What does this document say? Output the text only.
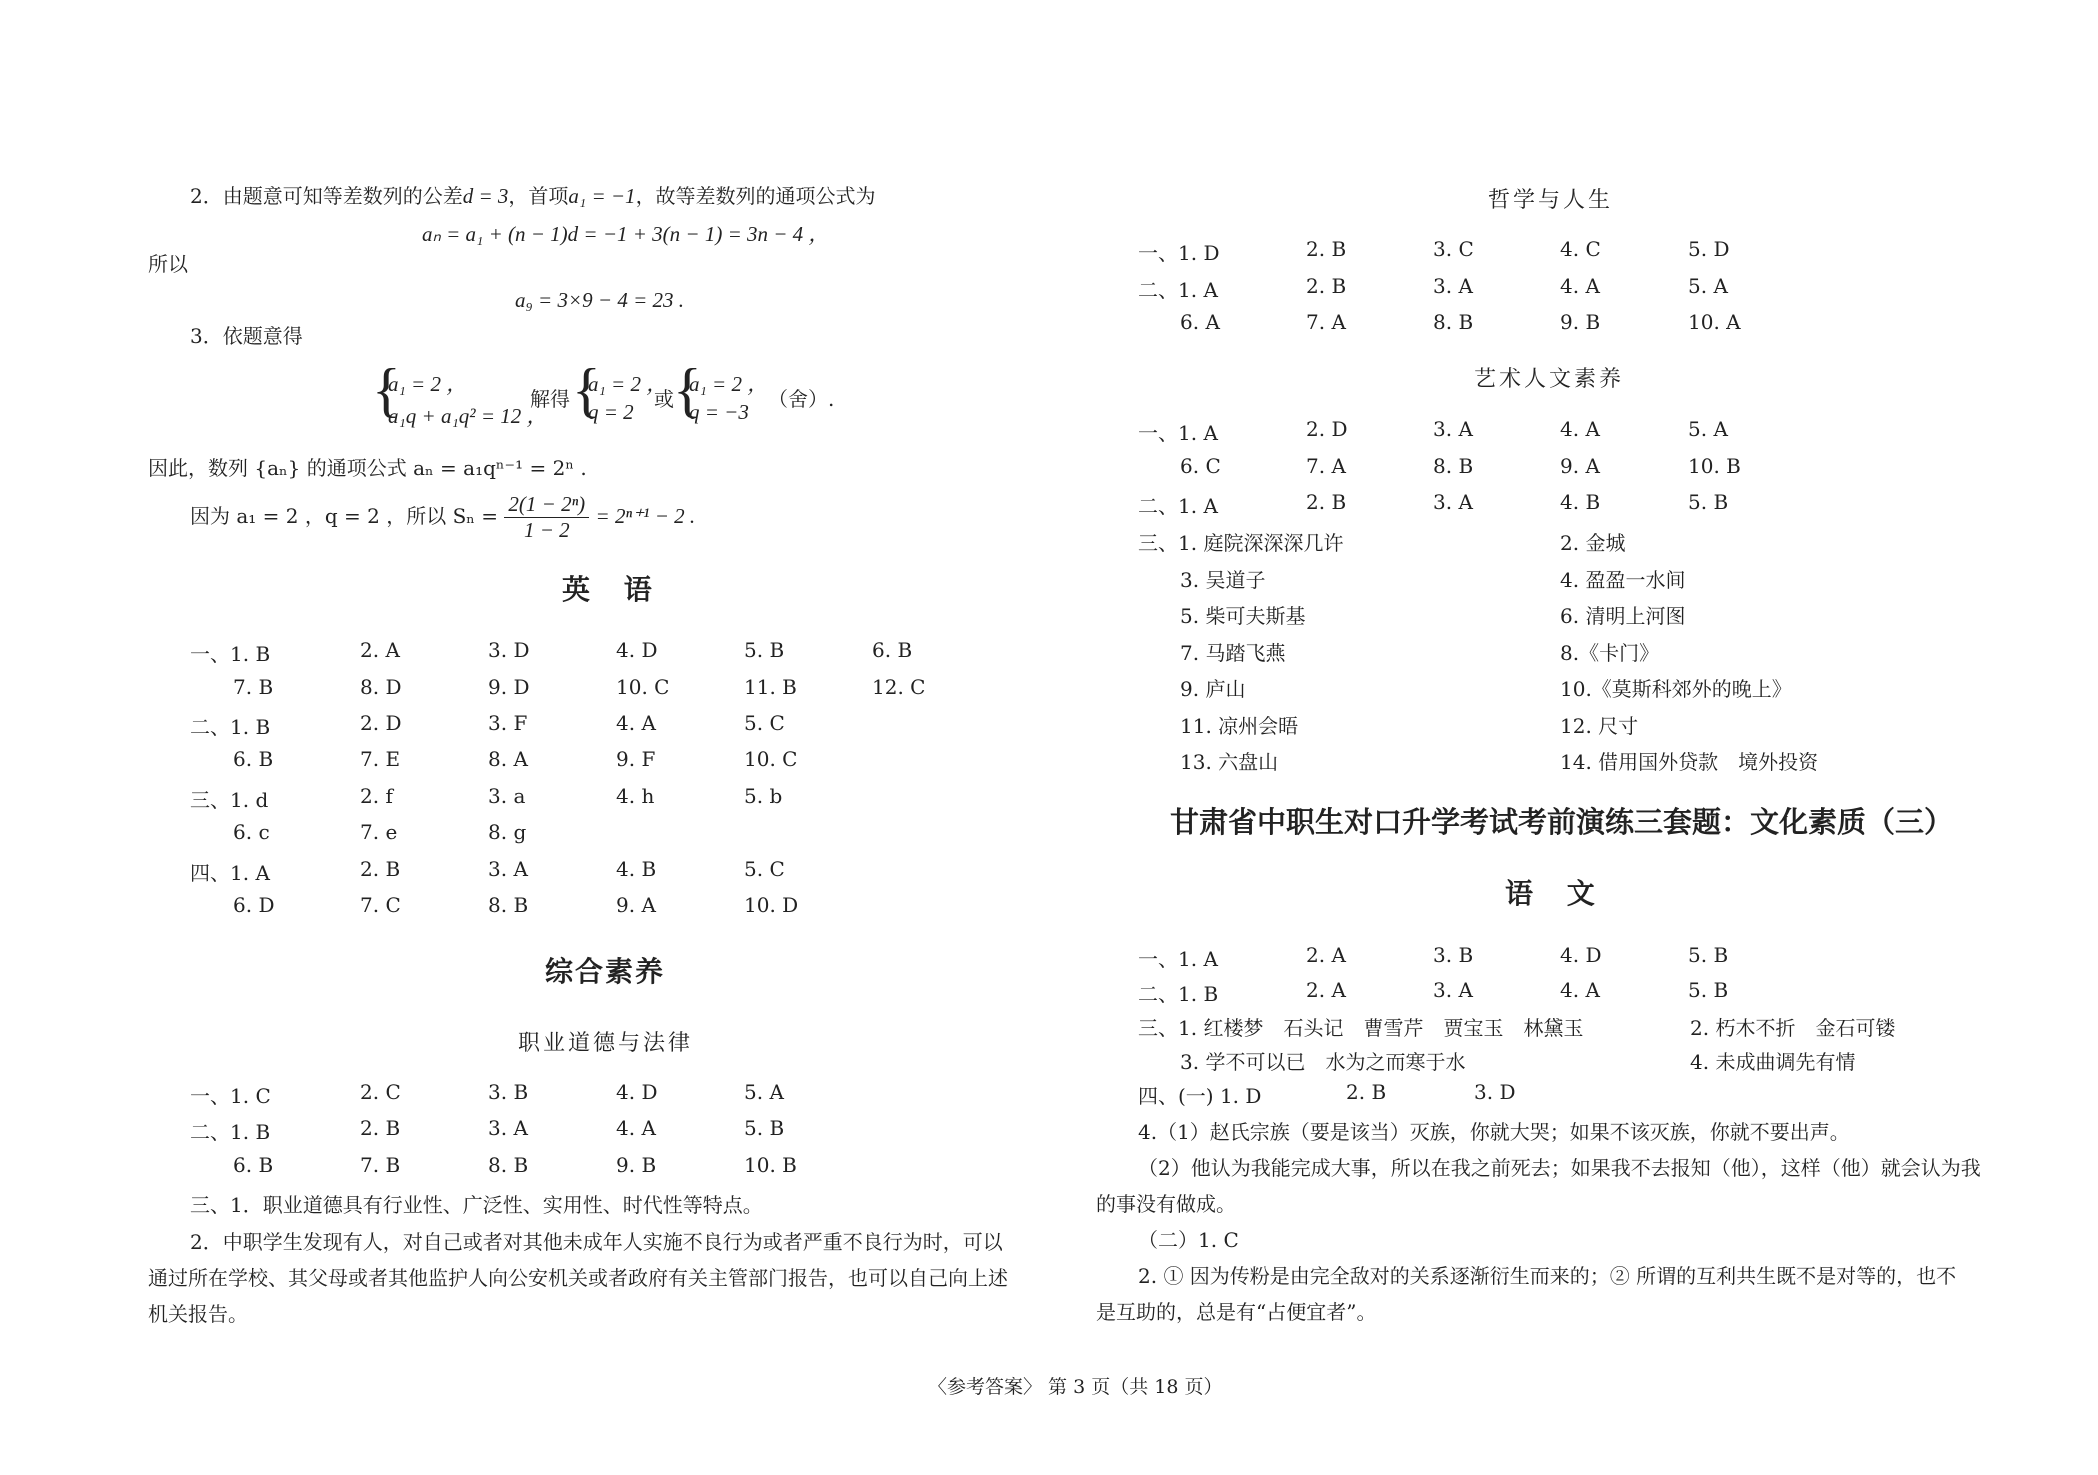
2．由题意可知等差数列的公差d = 3，首项a₁ = −1，故等差数列的通项公式为
aₙ = a₁ + (n − 1)d = −1 + 3(n − 1) = 3n − 4 ，
所以
a₉ = 3×9 − 4 = 23 .
3．依题意得
{
a₁ = 2 ，
a₁q + a₁q² = 12 ，
解得 {
a₁ = 2 ，
q = 2
或 {
a₁ = 2 ，
q = −3
（舍）.
因此，数列 {aₙ} 的通项公式 aₙ = a₁qⁿ⁻¹ = 2ⁿ .
因为 a₁ = 2 ，q = 2 ，所以 $S_n = \frac{\text{2(1 − 2ⁿ)}}{1 - 2} = 2^{n+1} - 2$ .
英 语
一、1. B	2. A	3. D	4. D	5. B	6. B
7. B	8. D	9. D	10. C	11. B	12. C
二、1. B	2. D	3. F	4. A	5. C
6. B	7. E	8. A	9. F	10. C
三、1. d	2. f	3. a	4. h	5. b
6. c	7. e	8. g
四、1. A	2. B	3. A	4. B	5. C
6. D	7. C	8. B	9. A	10. D
综合素养
职业道德与法律
一、1. C	2. C	3. B	4. D	5. A
二、1. B	2. B	3. A	4. A	5. B
6. B	7. B	8. B	9. B	10. B
三、1．职业道德具有行业性、广泛性、实用性、时代性等特点。
2．中职学生发现有人，对自己或者对其他未成年人实施不良行为或者严重不良行为时，可以
通过所在学校、其父母或者其他监护人向公安机关或者政府有关主管部门报告，也可以自己向上述
机关报告。
哲学与人生
一、1. D	2. B	3. C	4. C	5. D
二、1. A	2. B	3. A	4. A	5. A
6. A	7. A	8. B	9. B	10. A
艺术人文素养
一、1. A	2. D	3. A	4. A	5. A
6. C	7. A	8. B	9. A	10. B
二、1. A	2. B	3. A	4. B	5. B
三、1. 庭院深深深几许	2. 金城
3. 吴道子	4. 盈盈一水间
5. 柴可夫斯基	6. 清明上河图
7. 马踏飞燕	8.《卡门》
9. 庐山	10.《莫斯科郊外的晚上》
11. 凉州会晤	12. 尺寸
13. 六盘山	14. 借用国外贷款　境外投资
甘肃省中职生对口升学考试考前演练三套题：文化素质（三）
语 文
一、1. A	2. A	3. B	4. D	5. B
二、1. B	2. A	3. A	4. A	5. B
三、1. 红楼梦　石头记　曹雪芹　贾宝玉　林黛玉	2. 朽木不折　金石可镂
3. 学不可以已　水为之而寒于水	4. 未成曲调先有情
四、(一) 1. D	2. B	3. D
4.（1）赵氏宗族（要是该当）灭族，你就大哭；如果不该灭族，你就不要出声。
（2）他认为我能完成大事，所以在我之前死去；如果我不去报知（他），这样（他）就会认为我
的事没有做成。
（二）1. C
2. ① 因为传粉是由完全敌对的关系逐渐衍生而来的；② 所谓的互利共生既不是对等的，也不
是互助的，总是有“占便宜者”。
〈参考答案〉 第 3 页（共 18 页）
